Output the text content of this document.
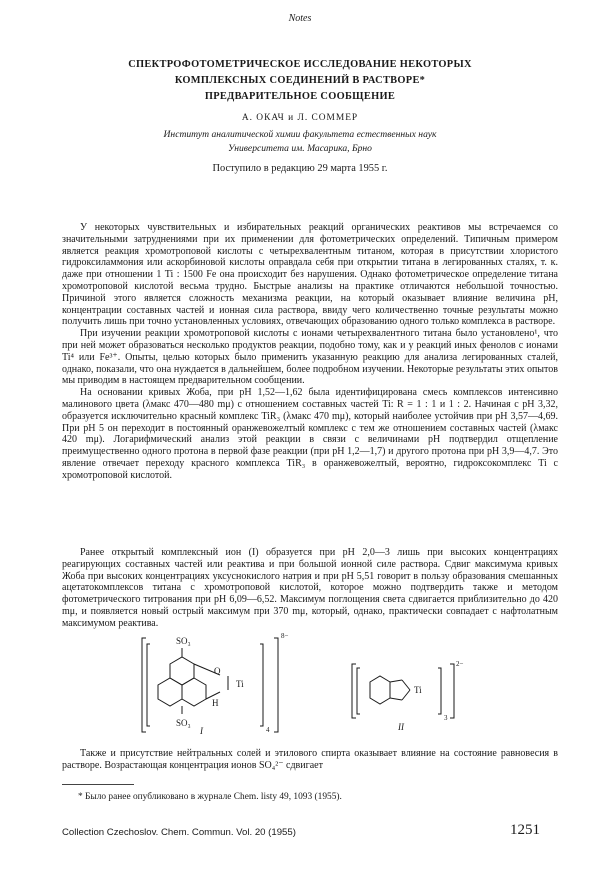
Notes
СПЕКТРОФОТОМЕТРИЧЕСКОЕ ИССЛЕДОВАНИЕ НЕКОТОРЫХ
КОМПЛЕКСНЫХ СОЕДИНЕНИЙ В РАСТВОРЕ*
ПРЕДВАРИТЕЛЬНОЕ СООБЩЕНИЕ
А. ОКАЧ и Л. СОММЕР
Институт аналитической химии факультета естественных наук
Университета им. Масарика, Брно
Поступило в редакцию 29 марта 1955 г.

У некоторых чувствительных и избирательных реакций органических реактивов мы встречаемся со значительными затруднениями при их применении для фотометрических определений. Типичным примером является реакция хромотроповой кислоты с четырехвалентным титаном, которая в присутствии хлористого гидроксиламмония или аскорбиновой кислоты оправдала себя при открытии титана в легированных сталях, т. к. даже при отношении 1 Ti : 1500 Fe она происходит без нарушения. Однако фотометрическое определение титана хромотроповой кислотой весьма трудно. Быстрые анализы на практике отличаются небольшой точностью. Причиной этого является сложность механизма реакции, на который оказывает влияние величина pH, концентрации составных частей и ионная сила раствора, ввиду чего количественно точные результаты можно получить лишь при точно установленных условиях, отвечающих образованию одного только комплекса в растворе.

При изучении реакции хромотроповой кислоты с ионами четырехвалентного титана было установлено¹, что при ней может образоваться несколько продуктов реакции, подобно тому, как и у реакций иных фенолов с ионами Ti⁴ или Fe³⁺. Опыты, целью которых было применить указанную реакцию для анализа легированных сталей, однако, показали, что она нуждается в дальнейшем, более подробном изучении. Некоторые результаты этих опытов мы приводим в настоящем предварительном сообщении.

На основании кривых Жоба, при pH 1,52—1,62 была идентифицирована смесь комплексов интенсивно малинового цвета (λмакс 470—480 mμ) с отношением составных частей Ti: R = 1 : 1 и 1 : 2. Начиная с pH 3,32, образуется исключительно красный комплекс TiR₃ (λмакс 470 mμ), который наиболее устойчив при pH 3,57—4,69. При pH 5 он переходит в постоянный оранжевожелтый комплекс с тем же отношением составных частей (λмакс 420 mμ). Логарифмический анализ этой реакции в связи с величинами pH подтвердил отщепление преимущественно одного протона в первой фазе реакции (при pH 1,2—1,7) и другого протона при pH 3,9—4,7. Это явление отвечает переходу красного комплекса TiR₃ в оранжевожелтый, вероятно, гидроксокомплекс Ti с хромотроповой кислотой.

Ранее открытый комплексный ион (I) образуется при pH 2,0—3 лишь при высоких концентрациях реагирующих составных частей или реактива и при большой ионной силе раствора. Сдвиг максимума кривых Жоба при высоких концентрациях уксуснокислого натрия и при pH 5,51 говорит в пользу образования смешанных ацетатокомплексов титана с хромотроповой кислотой, которое можно подтвердить также и методом фотометрического титрования при pH 6,09—6,52. Максимум поглощения света сдвигается приблизительно до 420 mμ, и появляется новый острый максимум при 370 mμ, который, однако, практически совпадает с нафтолатным максимумом реактива.

SO₃
SO₃
O
H
Ti
8−
4
I
Ti
2−
3
II

Также и присутствие нейтральных солей и этилового спирта оказывает влияние на состояние равновесия в растворе. Возрастающая концентрация ионов SO₄²⁻ сдвигает

* Было ранее опубликовано в журнале Chem. listy 49, 1093 (1955).
Collection Czechoslov. Chem. Commun. Vol. 20 (1955)	1251
